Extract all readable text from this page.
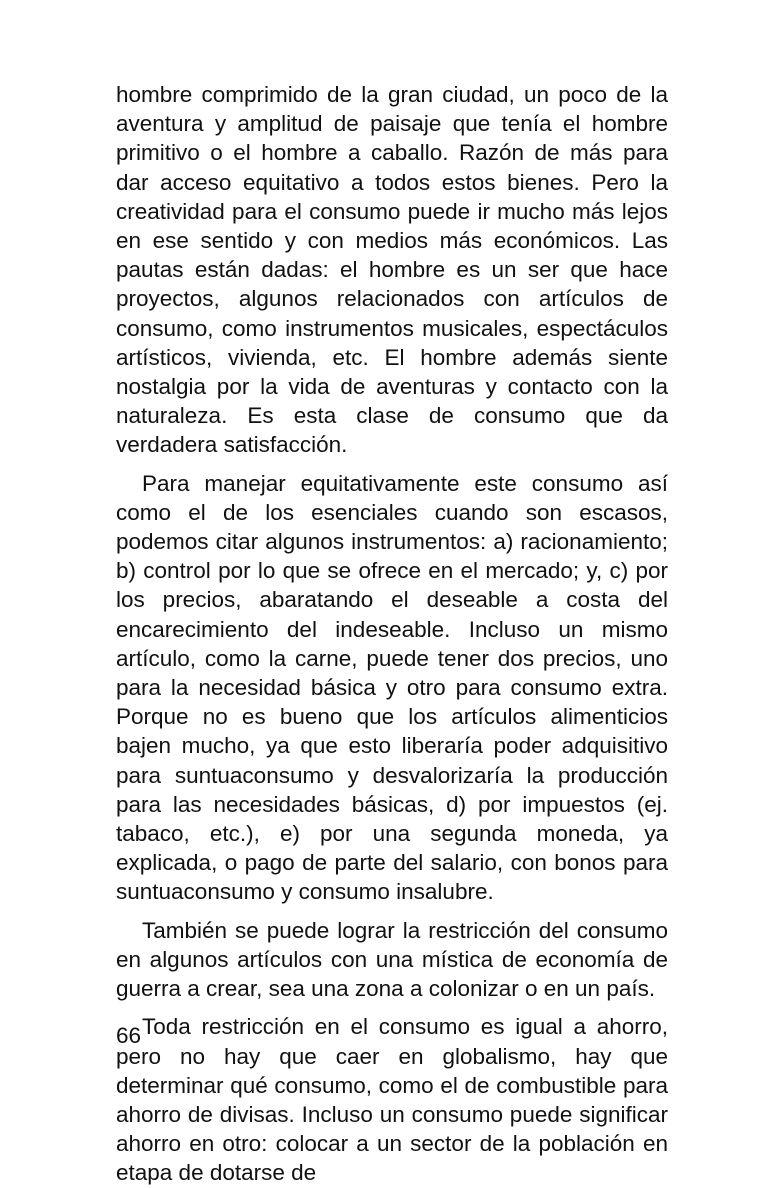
hombre comprimido de la gran ciudad, un poco de la aventura y amplitud de paisaje que tenía el hombre primitivo o el hombre a caballo. Razón de más para dar acceso equitativo a todos estos bienes. Pero la creatividad para el consumo puede ir mucho más lejos en ese sentido y con medios más económicos. Las pautas están dadas: el hombre es un ser que hace proyectos, algunos relacionados con artículos de consumo, como instrumentos musicales, espectáculos artísticos, vivienda, etc. El hombre además siente nostalgia por la vida de aventuras y contacto con la naturaleza. Es esta clase de consumo que da verdadera satisfacción.

Para manejar equitativamente este consumo así como el de los esenciales cuando son escasos, podemos citar algunos instrumentos: a) racionamiento; b) control por lo que se ofrece en el mercado; y, c) por los precios, abaratando el deseable a costa del encarecimiento del indeseable. Incluso un mismo artículo, como la carne, puede tener dos precios, uno para la necesidad básica y otro para consumo extra. Porque no es bueno que los artículos alimenticios bajen mucho, ya que esto liberaría poder adquisitivo para suntuaconsumo y desvalorizaría la producción para las necesidades básicas, d) por impuestos (ej. tabaco, etc.), e) por una segunda moneda, ya explicada, o pago de parte del salario, con bonos para suntuaconsumo y consumo insalubre.

También se puede lograr la restricción del consumo en algunos artículos con una mística de economía de guerra a crear, sea una zona a colonizar o en un país.

Toda restricción en el consumo es igual a ahorro, pero no hay que caer en globalismo, hay que determinar qué consumo, como el de combustible para ahorro de divisas. Incluso un consumo puede significar ahorro en otro: colocar a un sector de la población en etapa de dotarse de

66
